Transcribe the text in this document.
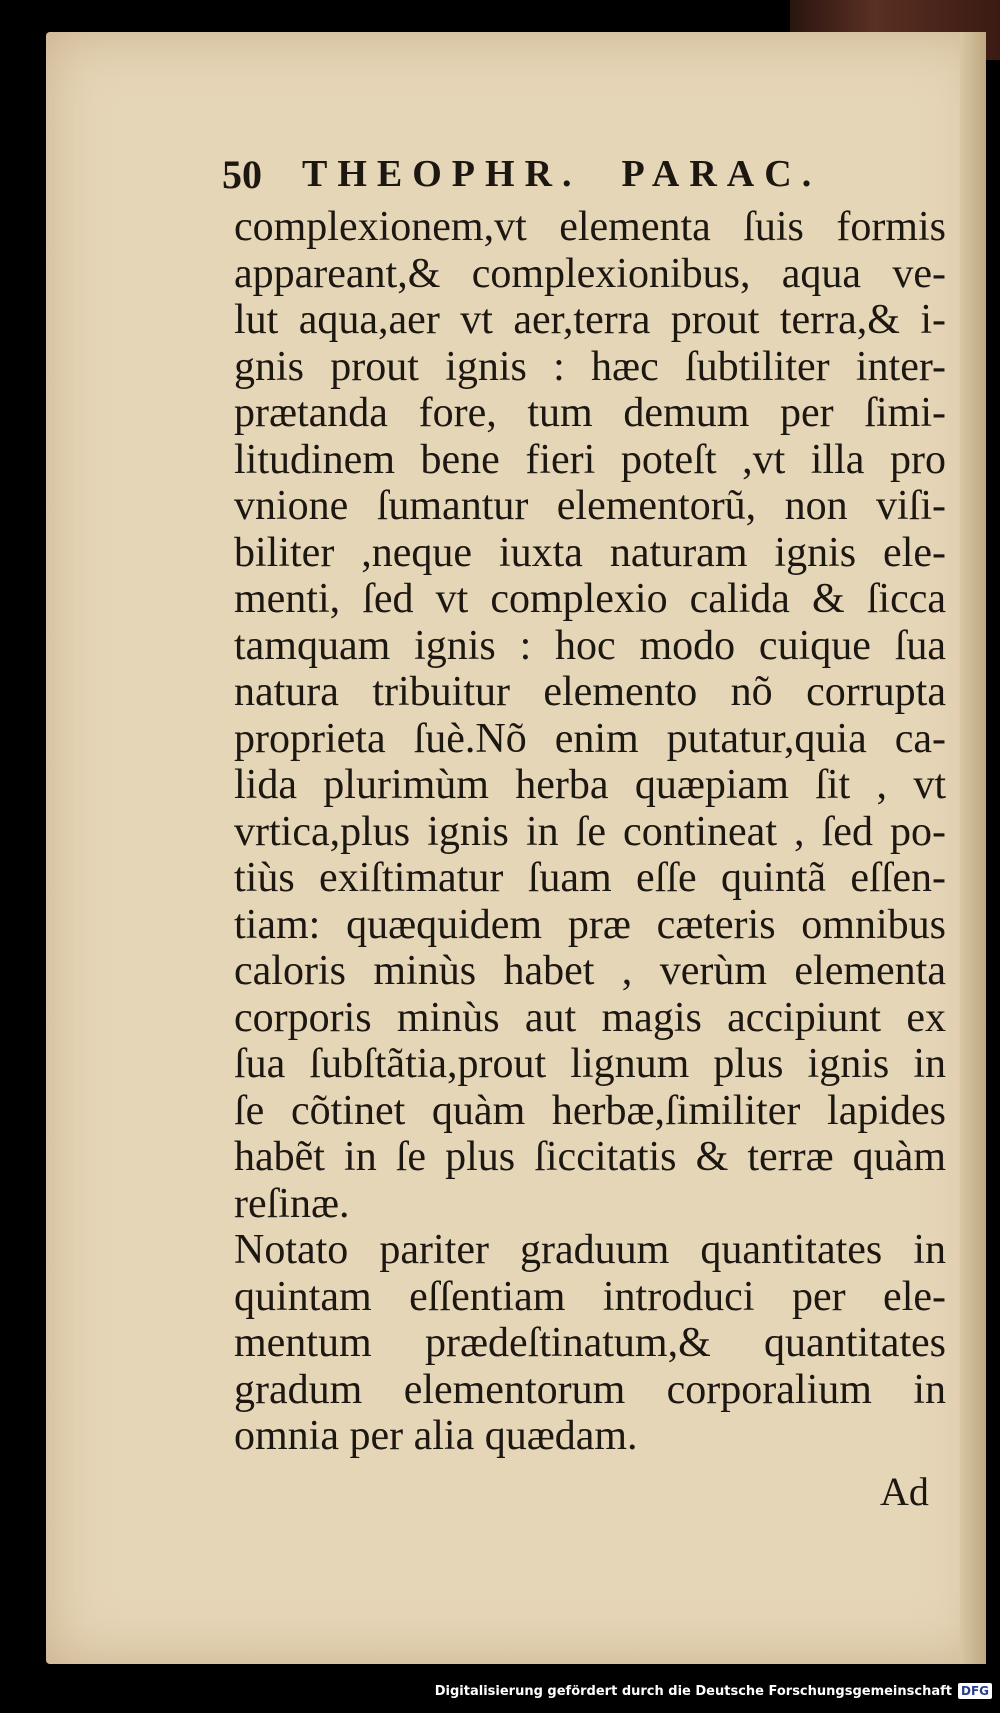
50 THEOPHR. PARAC.
complexionem,vt elementa ſuis formis
appareant,& complexionibus, aqua ve-
lut aqua,aer vt aer,terra prout terra,& i-
gnis prout ignis : hæc ſubtiliter inter-
prætanda fore, tum demum per ſimi-
litudinem bene fieri poteſt ,vt illa pro
vnione ſumantur elementorũ, non viſi-
biliter ,neque iuxta naturam ignis ele-
menti, ſed vt complexio calida & ſicca
tamquam ignis : hoc modo cuique ſua
natura tribuitur elemento nõ corrupta
proprieta ſuè.Nõ enim putatur,quia ca-
lida plurimùm herba quæpiam ſit , vt
vrtica,plus ignis in ſe contineat , ſed po-
tiùs exiſtimatur ſuam eſſe quintã eſſen-
tiam: quæquidem præ cæteris omnibus
caloris minùs habet , verùm elementa
corporis minùs aut magis accipiunt ex
ſua ſubſtãtia,prout lignum plus ignis in
ſe cõtinet quàm herbæ,ſimiliter lapides
habẽt in ſe plus ſiccitatis & terræ quàm
reſinæ.
Notato pariter graduum quantitates in
quintam eſſentiam introduci per ele-
mentum prædeſtinatum,& quantitates
gradum elementorum corporalium in
omnia per alia quædam.
Ad
Digitalisierung gefördert durch die Deutsche Forschungsgemeinschaft DFG
